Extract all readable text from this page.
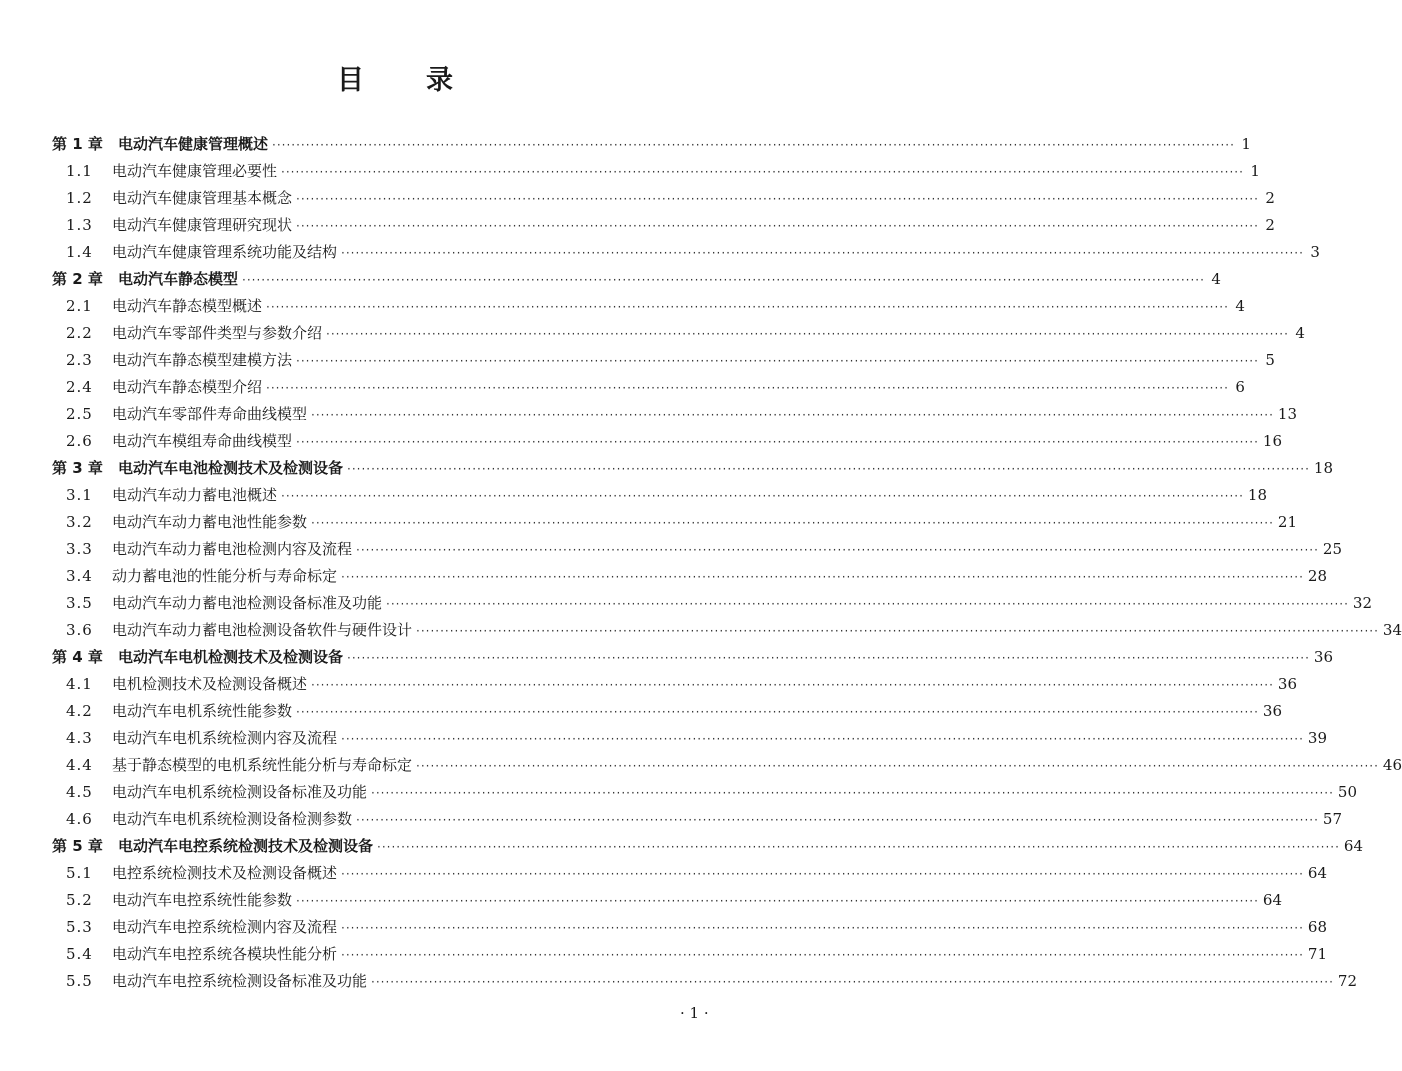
目 录
第 1 章	电动汽车健康管理概述 ········································································································································································································ 1
1.1	电动汽车健康管理必要性 ········································································································································································································ 1
1.2	电动汽车健康管理基本概念 ········································································································································································································ 2
1.3	电动汽车健康管理研究现状 ········································································································································································································ 2
1.4	电动汽车健康管理系统功能及结构 ········································································································································································································ 3
第 2 章	电动汽车静态模型 ········································································································································································································ 4
2.1	电动汽车静态模型概述 ········································································································································································································ 4
2.2	电动汽车零部件类型与参数介绍 ········································································································································································································ 4
2.3	电动汽车静态模型建模方法 ········································································································································································································ 5
2.4	电动汽车静态模型介绍 ········································································································································································································ 6
2.5	电动汽车零部件寿命曲线模型 ········································································································································································································ 13
2.6	电动汽车模组寿命曲线模型 ········································································································································································································ 16
第 3 章	电动汽车电池检测技术及检测设备 ········································································································································································································ 18
3.1	电动汽车动力蓄电池概述 ········································································································································································································ 18
3.2	电动汽车动力蓄电池性能参数 ········································································································································································································ 21
3.3	电动汽车动力蓄电池检测内容及流程 ········································································································································································································ 25
3.4	动力蓄电池的性能分析与寿命标定 ········································································································································································································ 28
3.5	电动汽车动力蓄电池检测设备标准及功能 ········································································································································································································ 32
3.6	电动汽车动力蓄电池检测设备软件与硬件设计 ········································································································································································································ 34
第 4 章	电动汽车电机检测技术及检测设备 ········································································································································································································ 36
4.1	电机检测技术及检测设备概述 ········································································································································································································ 36
4.2	电动汽车电机系统性能参数 ········································································································································································································ 36
4.3	电动汽车电机系统检测内容及流程 ········································································································································································································ 39
4.4	基于静态模型的电机系统性能分析与寿命标定 ········································································································································································································ 46
4.5	电动汽车电机系统检测设备标准及功能 ········································································································································································································ 50
4.6	电动汽车电机系统检测设备检测参数 ········································································································································································································ 57
第 5 章	电动汽车电控系统检测技术及检测设备 ········································································································································································································ 64
5.1	电控系统检测技术及检测设备概述 ········································································································································································································ 64
5.2	电动汽车电控系统性能参数 ········································································································································································································ 64
5.3	电动汽车电控系统检测内容及流程 ········································································································································································································ 68
5.4	电动汽车电控系统各模块性能分析 ········································································································································································································ 71
5.5	电动汽车电控系统检测设备标准及功能 ········································································································································································································ 72
· 1 ·
